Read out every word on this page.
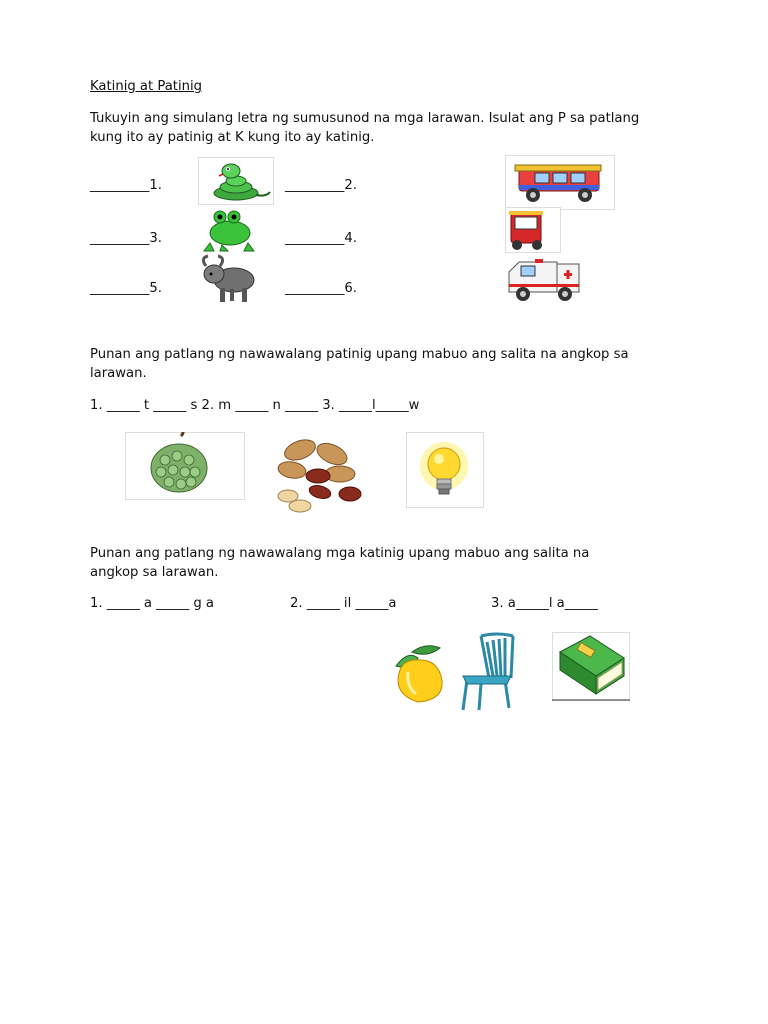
Katinig at Patinig
Tukuyin ang simulang letra ng sumusunod na mga larawan. Isulat ang P sa patlang
kung ito ay patinig at K kung ito ay katinig.
_________1.	_________2.
_________3.	_________4.
_________5.	_________6.
Punan ang patlang ng nawawalang patinig upang mabuo ang salita na angkop sa
larawan.
1. _____ t _____ s 2. m _____ n _____ 3. _____l_____w
Punan ang patlang ng nawawalang mga katinig upang mabuo ang salita na
angkop sa larawan.
1. _____ a _____ g a	2. _____ il _____a	3. a_____l a_____
